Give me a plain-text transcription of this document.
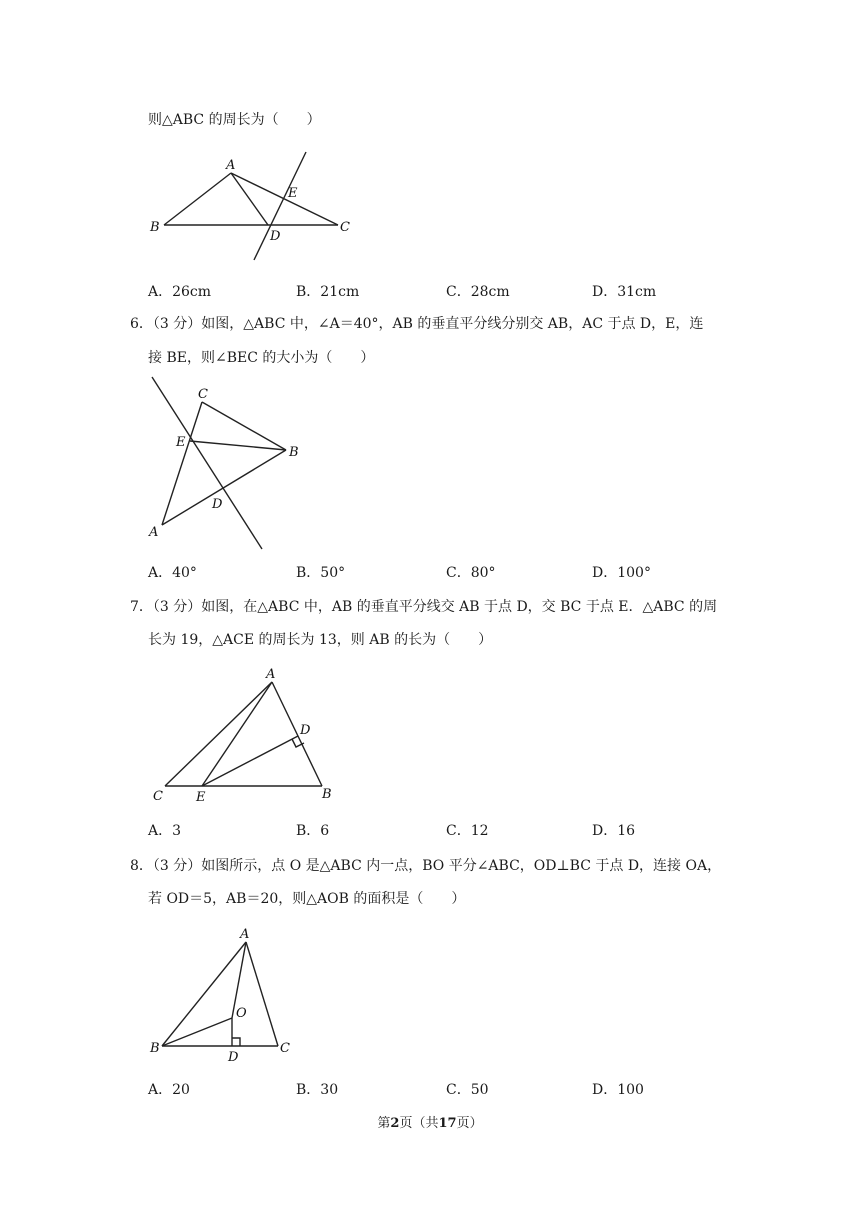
则△ABC 的周长为（　　）
A
B	C
D
E
A．26cm	B．21cm	C．28cm	D．31cm
6．（3 分）如图，△ABC 中，∠A＝40°，AB 的垂直平分线分别交 AB，AC 于点 D，E，连
接 BE，则∠BEC 的大小为（　　）
C
E
B
D
A
A．40°	B．50°	C．80°	D．100°
7．（3 分）如图，在△ABC 中，AB 的垂直平分线交 AB 于点 D，交 BC 于点 E．△ABC 的周
长为 19，△ACE 的周长为 13，则 AB 的长为（　　）
A
D
C	E	B
A．3	B．6	C．12	D．16
8．（3 分）如图所示，点 O 是△ABC 内一点，BO 平分∠ABC，OD⊥BC 于点 D，连接 OA，
若 OD＝5，AB＝20，则△AOB 的面积是（　　）
A
O
B
D
C
A．20	B．30	C．50	D．100
第2页（共17页）
